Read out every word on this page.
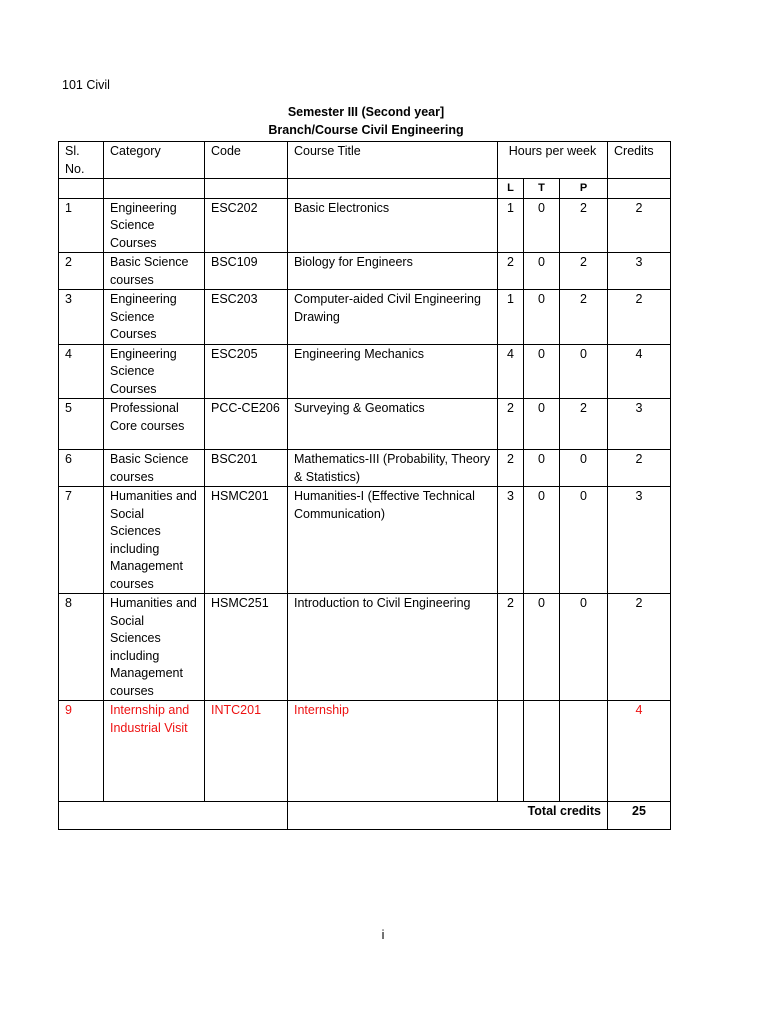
101 Civil
Semester III (Second year]
Branch/Course Civil Engineering
Sl. No.	Category	Code	Course Title	Hours per week			Credits
				L	T	P	
1	Engineering Science Courses	ESC202	Basic Electronics	1	0	2	2
2	Basic Science courses	BSC109	Biology for Engineers	2	0	2	3
3	Engineering Science Courses	ESC203	Computer-aided Civil Engineering Drawing	1	0	2	2
4	Engineering Science Courses	ESC205	Engineering Mechanics	4	0	0	4
5	Professional Core courses	PCC-CE206	Surveying & Geomatics	2	0	2	3
6	Basic Science courses	BSC201	Mathematics-III (Probability, Theory & Statistics)	2	0	0	2
7	Humanities and
Social
Sciences including Management courses	HSMC201	Humanities-I (Effective Technical Communication)	3	0	0	3
8	Humanities and
Social
Sciences including Management courses	HSMC251	Introduction to Civil Engineering	2	0	0	2
9	Internship and Industrial Visit	INTC201	Internship				4
			Total credits				25
i
